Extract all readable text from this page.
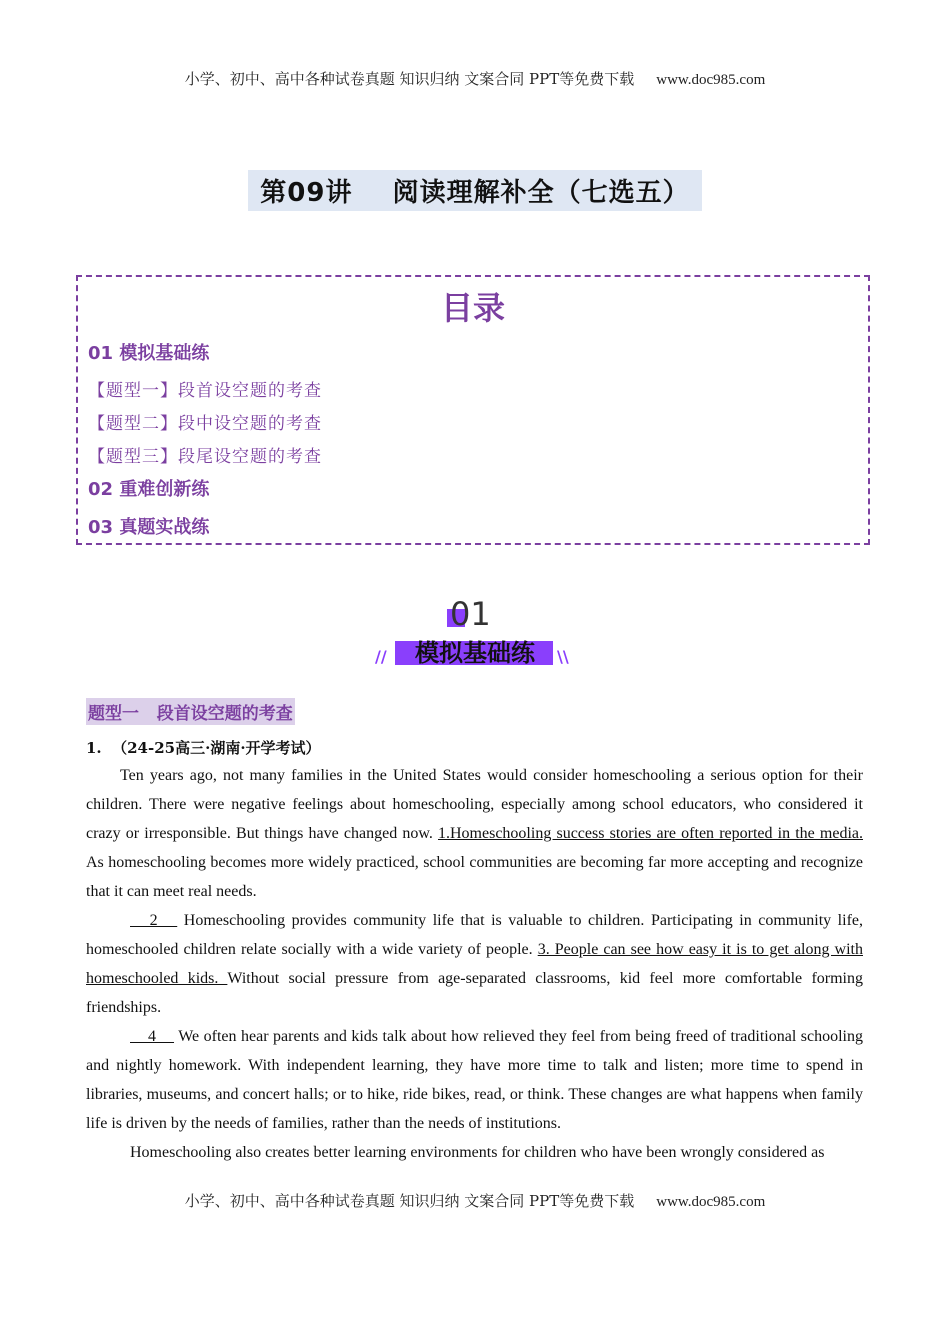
小学、初中、高中各种试卷真题 知识归纳 文案合同 PPT等免费下载 www.doc985.com
第09讲    阅读理解补全（七选五）
目录
01 模拟基础练
【题型一】段首设空题的考查
【题型二】段中设空题的考查
【题型三】段尾设空题的考查
02 重难创新练
03 真题实战练
01
模拟基础练
//	\\
题型一   段首设空题的考查
1. （24-25高三·湖南·开学考试）
Ten years ago, not many families in the United States would consider homeschooling a serious option for their children. There were negative feelings about homeschooling, especially among school educators, who considered it crazy or irresponsible. But things have changed now. 1.Homeschooling success stories are often reported in the media. As homeschooling becomes more widely practiced, school communities are becoming far more accepting and recognize that it can meet real needs.
2    Homeschooling provides community life that is valuable to children. Participating in community life, homeschooled children relate socially with a wide variety of people. 3. People can see how easy it is to get along with homeschooled kids. Without social pressure from age-separated classrooms, kid feel more comfortable forming friendships.
4     We often hear parents and kids talk about how relieved they feel from being freed of traditional schooling and nightly homework. With independent learning, they have more time to talk and listen; more time to spend in libraries, museums, and concert halls; or to hike, ride bikes, read, or think. These changes are what happens when family life is driven by the needs of families, rather than the needs of institutions.
Homeschooling also creates better learning environments for children who have been wrongly considered as
小学、初中、高中各种试卷真题 知识归纳 文案合同 PPT等免费下载 www.doc985.com
